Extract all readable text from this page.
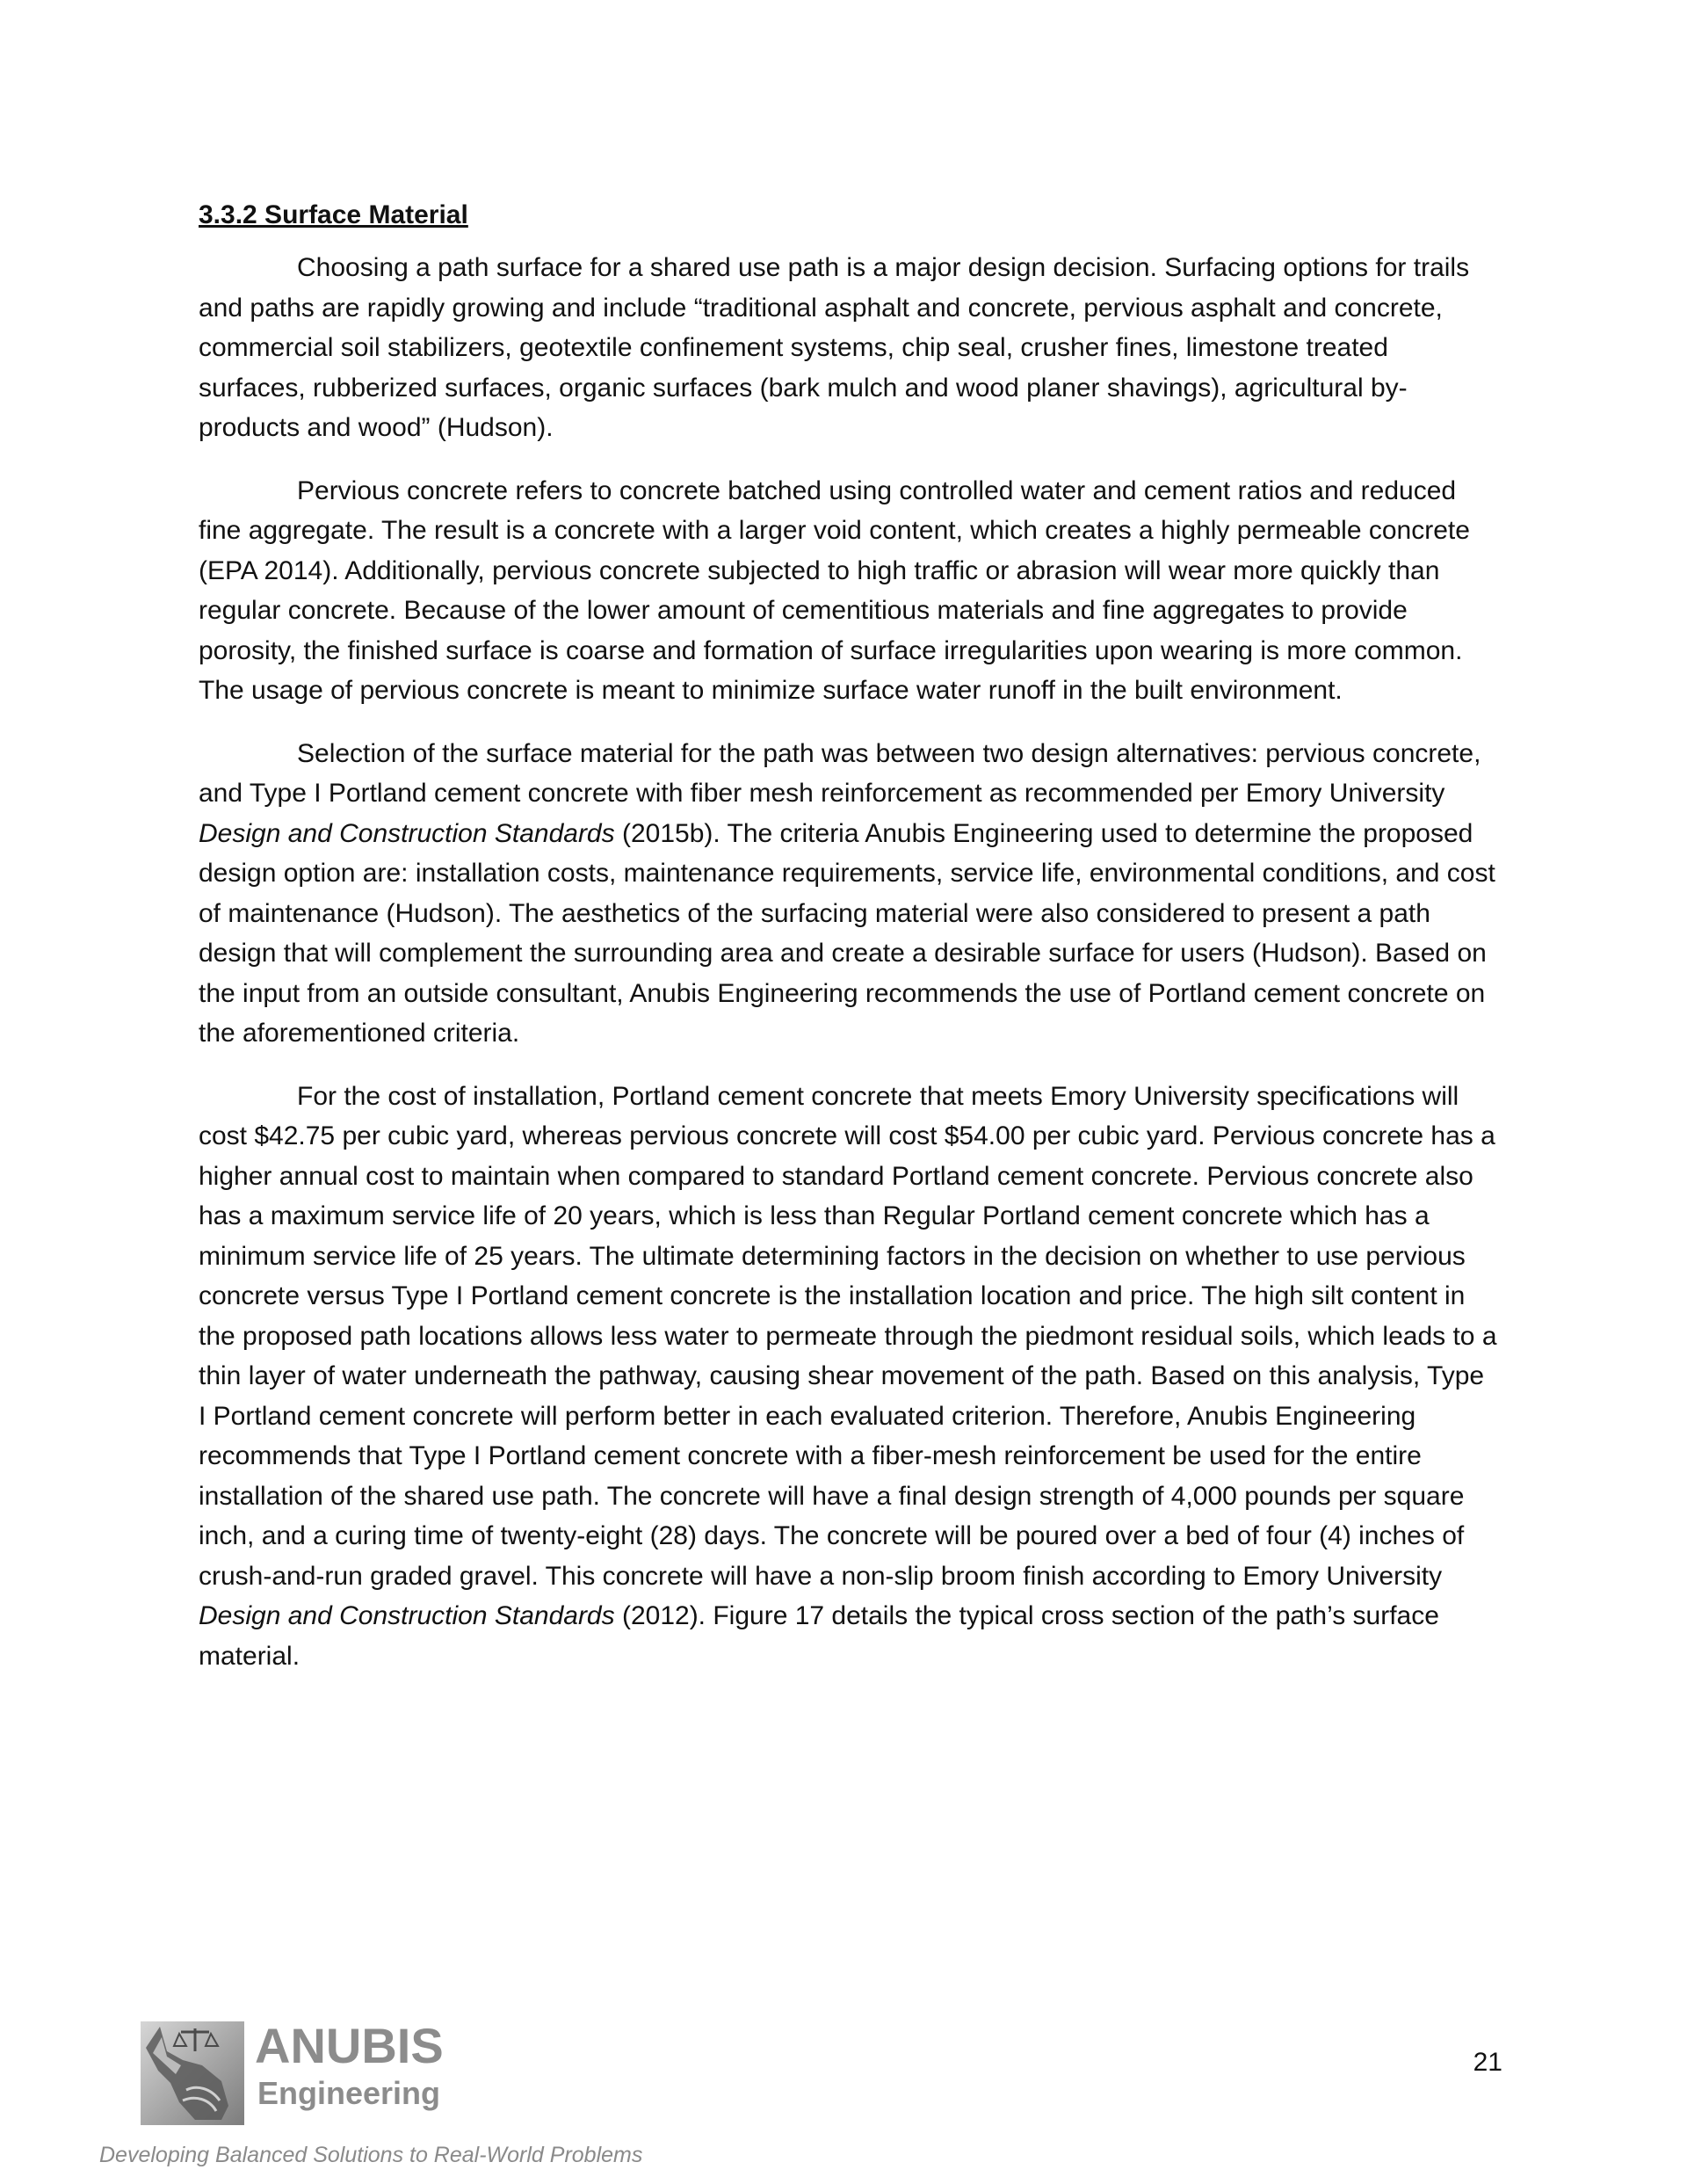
3.3.2 Surface Material

Choosing a path surface for a shared use path is a major design decision. Surfacing options for trails and paths are rapidly growing and include “traditional asphalt and concrete, pervious asphalt and concrete, commercial soil stabilizers, geotextile confinement systems, chip seal, crusher fines, limestone treated surfaces, rubberized surfaces, organic surfaces (bark mulch and wood planer shavings), agricultural by-products and wood” (Hudson).

Pervious concrete refers to concrete batched using controlled water and cement ratios and reduced fine aggregate. The result is a concrete with a larger void content, which creates a highly permeable concrete (EPA 2014). Additionally, pervious concrete subjected to high traffic or abrasion will wear more quickly than regular concrete. Because of the lower amount of cementitious materials and fine aggregates to provide porosity, the finished surface is coarse and formation of surface irregularities upon wearing is more common. The usage of pervious concrete is meant to minimize surface water runoff in the built environment.

Selection of the surface material for the path was between two design alternatives: pervious concrete, and Type I Portland cement concrete with fiber mesh reinforcement as recommended per Emory University Design and Construction Standards (2015b). The criteria Anubis Engineering used to determine the proposed design option are: installation costs, maintenance requirements, service life, environmental conditions, and cost of maintenance (Hudson). The aesthetics of the surfacing material were also considered to present a path design that will complement the surrounding area and create a desirable surface for users (Hudson). Based on the input from an outside consultant, Anubis Engineering recommends the use of Portland cement concrete on the aforementioned criteria.

For the cost of installation, Portland cement concrete that meets Emory University specifications will cost $42.75 per cubic yard, whereas pervious concrete will cost $54.00 per cubic yard. Pervious concrete has a higher annual cost to maintain when compared to standard Portland cement concrete. Pervious concrete also has a maximum service life of 20 years, which is less than Regular Portland cement concrete which has a minimum service life of 25 years. The ultimate determining factors in the decision on whether to use pervious concrete versus Type I Portland cement concrete is the installation location and price. The high silt content in the proposed path locations allows less water to permeate through the piedmont residual soils, which leads to a thin layer of water underneath the pathway, causing shear movement of the path. Based on this analysis, Type I Portland cement concrete will perform better in each evaluated criterion. Therefore, Anubis Engineering recommends that Type I Portland cement concrete with a fiber-mesh reinforcement be used for the entire installation of the shared use path. The concrete will have a final design strength of 4,000 pounds per square inch, and a curing time of twenty-eight (28) days. The concrete will be poured over a bed of four (4) inches of crush-and-run graded gravel. This concrete will have a non-slip broom finish according to Emory University Design and Construction Standards (2012). Figure 17 details the typical cross section of the path’s surface material.

ANUBIS
Engineering
21
Developing Balanced Solutions to Real-World Problems
